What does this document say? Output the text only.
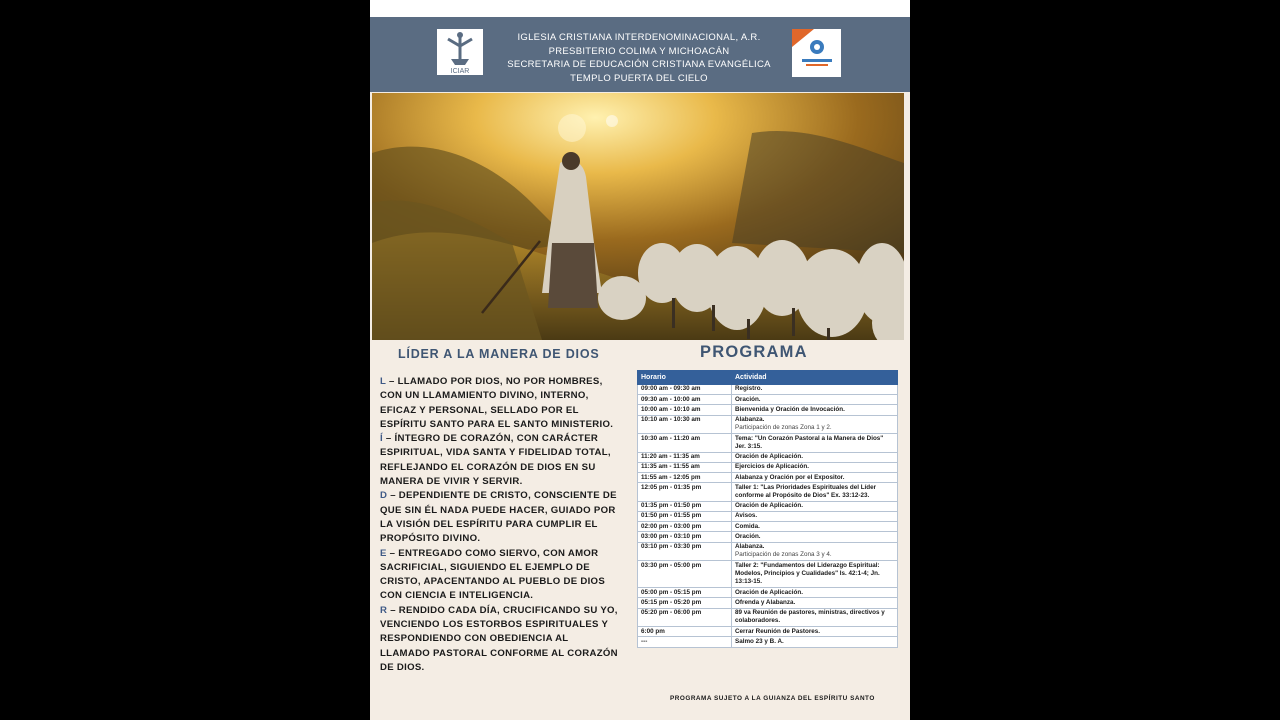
ICIAR
IGLESIA CRISTIANA INTERDENOMINACIONAL, A.R.
PRESBITERIO COLIMA Y MICHOACÁN
SECRETARIA DE EDUCACIÓN CRISTIANA EVANGÉLICA
TEMPLO PUERTA DEL CIELO
LÍDER A LA MANERA DE DIOS

L – LLAMADO POR DIOS, NO POR HOMBRES, CON UN LLAMAMIENTO DIVINO, INTERNO, EFICAZ Y PERSONAL, SELLADO POR EL ESPÍRITU SANTO PARA EL SANTO MINISTERIO.

Í – ÍNTEGRO DE CORAZÓN, CON CARÁCTER ESPIRITUAL, VIDA SANTA Y FIDELIDAD TOTAL, REFLEJANDO EL CORAZÓN DE DIOS EN SU MANERA DE VIVIR Y SERVIR.

D – DEPENDIENTE DE CRISTO, CONSCIENTE DE QUE SIN ÉL NADA PUEDE HACER, GUIADO POR LA VISIÓN DEL ESPÍRITU PARA CUMPLIR EL PROPÓSITO DIVINO.

E – ENTREGADO COMO SIERVO, CON AMOR SACRIFICIAL, SIGUIENDO EL EJEMPLO DE CRISTO, APACENTANDO AL PUEBLO DE DIOS CON CIENCIA E INTELIGENCIA.

R – RENDIDO CADA DÍA, CRUCIFICANDO SU YO, VENCIENDO LOS ESTORBOS ESPIRITUALES Y RESPONDIENDO CON OBEDIENCIA AL LLAMADO PASTORAL CONFORME AL CORAZÓN DE DIOS.

PROGRAMA
Horario	Actividad
09:00 am - 09:30 am	Registro.

09:30 am - 10:00 am	Oración.

10:00 am - 10:10 am	Bienvenida y Oración de Invocación.

10:10 am - 10:30 am	Alabanza.
Participación de zonas Zona 1 y 2.

10:30 am - 11:20 am	Tema: "Un Corazón Pastoral a la Manera de Dios" Jer. 3:15.

11:20 am - 11:35 am	Oración de Aplicación.

11:35 am - 11:55 am	Ejercicios de Aplicación.

11:55 am - 12:05 pm	Alabanza y Oración por el Expositor.

12:05 pm - 01:35 pm	Taller 1: "Las Prioridades Espirituales del Líder conforme al Propósito de Dios" Ex. 33:12-23.

01:35 pm - 01:50 pm	Oración de Aplicación.

01:50 pm - 01:55 pm	Avisos.

02:00 pm - 03:00 pm	Comida.

03:00 pm - 03:10 pm	Oración.

03:10 pm - 03:30 pm	Alabanza.
Participación de zonas Zona 3 y 4.

03:30 pm - 05:00 pm	Taller 2: "Fundamentos del Liderazgo Espiritual: Modelos, Principios y Cualidades" Is. 42:1-4; Jn. 13:13-15.

05:00 pm - 05:15 pm	Oración de Aplicación.

05:15 pm - 05:20 pm	Ofrenda y Alabanza.

05:20 pm - 06:00 pm	89 va Reunión de pastores, ministras, directivos y colaboradores.

6:00 pm	Cerrar Reunión de Pastores.

---	Salmo 23 y B. A.
PROGRAMA SUJETO A LA GUIANZA DEL ESPÍRITU SANTO
